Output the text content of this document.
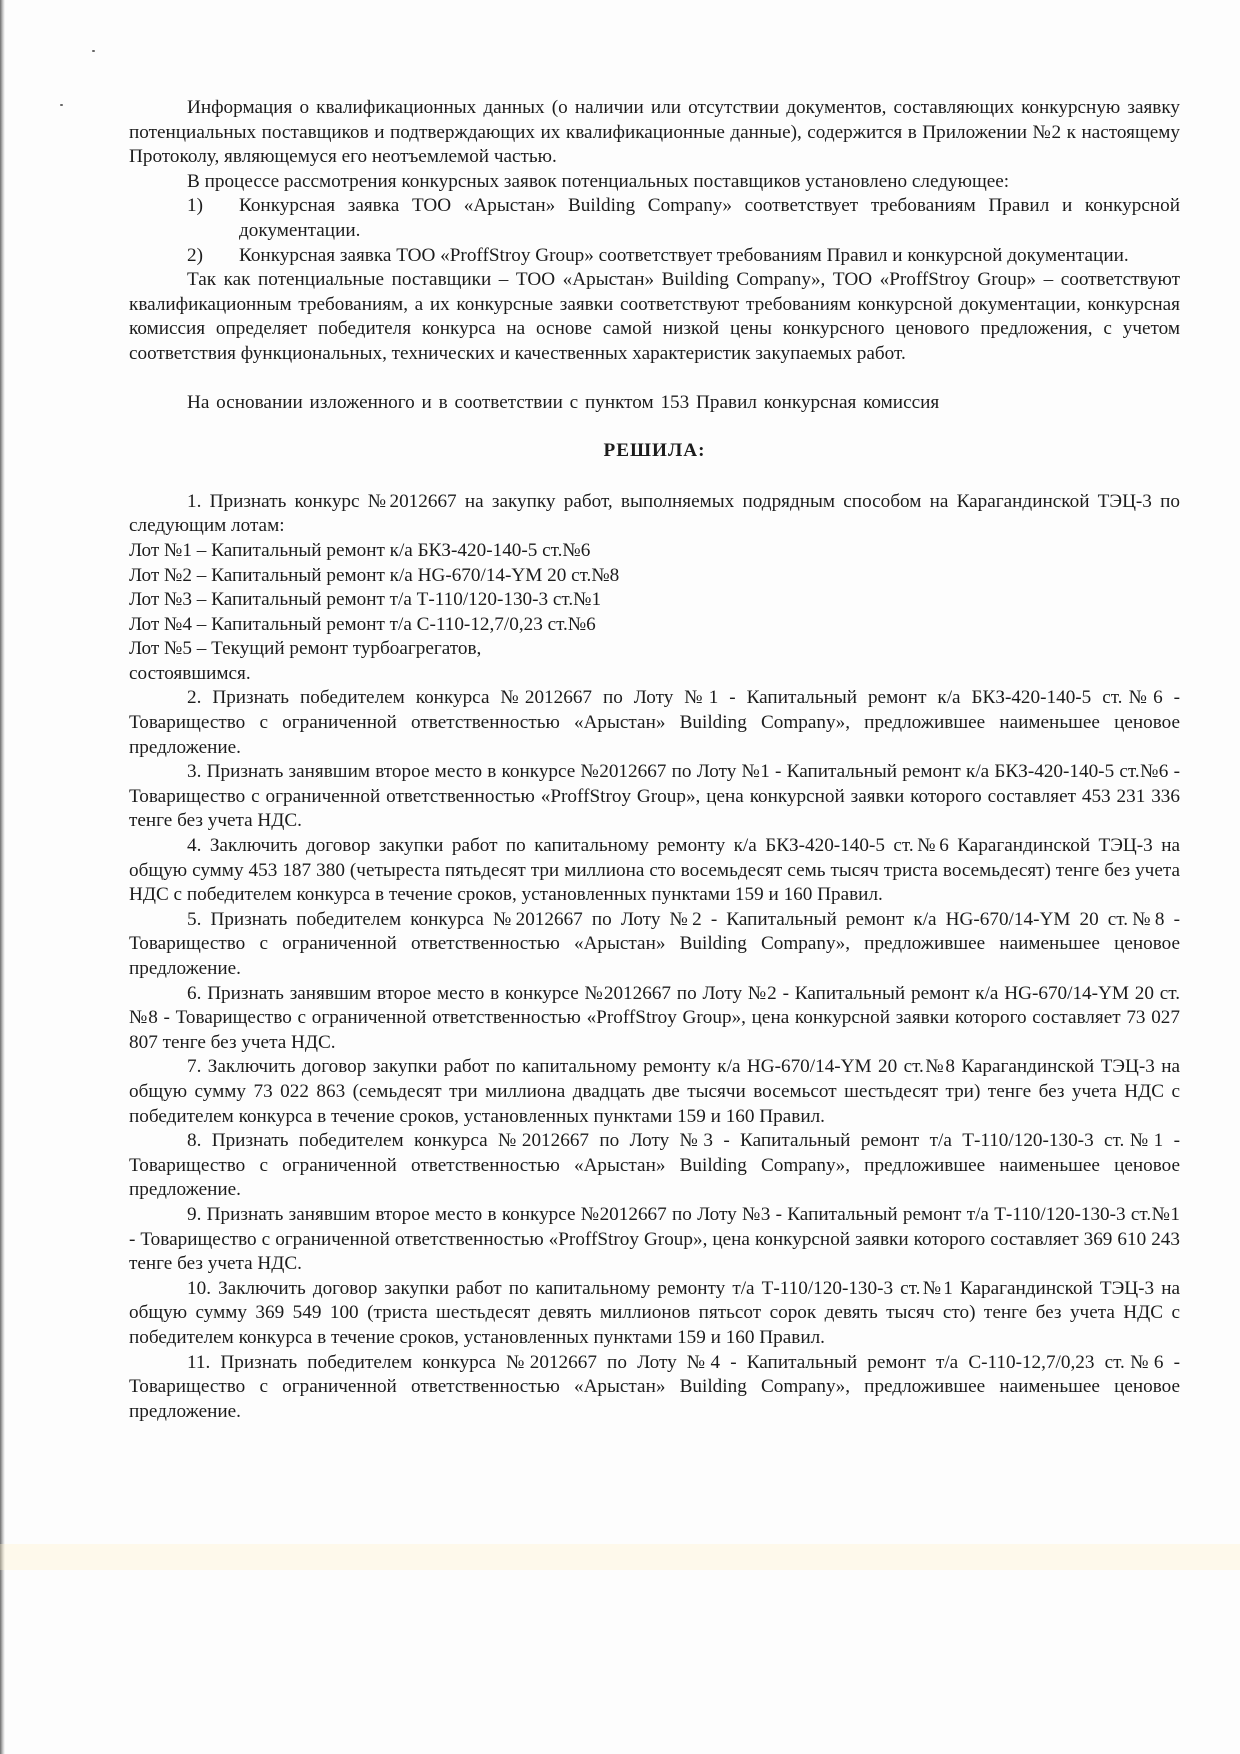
Информация о квалификационных данных (о наличии или отсутствии документов, составляющих конкурсную заявку потенциальных поставщиков и подтверждающих их квалификационные данные), содержится в Приложении №2 к настоящему Протоколу, являющемуся его неотъемлемой частью.

В процессе рассмотрения конкурсных заявок потенциальных поставщиков установлено следующее:

1)	Конкурсная заявка ТОО «Арыстан» Building Company» соответствует требованиям Правил и конкурсной документации.
2)	Конкурсная заявка ТОО «ProffStroy Group» соответствует требованиям Правил и конкурсной документации.

Так как потенциальные поставщики – ТОО «Арыстан» Building Company», ТОО «ProffStroy Group» – соответствуют квалификационным требованиям, а их конкурсные заявки соответствуют требованиям конкурсной документации, конкурсная комиссия определяет победителя конкурса на основе самой низкой цены конкурсного ценового предложения, с учетом соответствия функциональных, технических и качественных характеристик закупаемых работ.

На основании изложенного и в соответствии с пунктом 153 Правил конкурсная комиссия

РЕШИЛА:

1. Признать конкурс №2012667 на закупку работ, выполняемых подрядным способом на Карагандинской ТЭЦ-3 по следующим лотам:

Лот №1 – Капитальный ремонт к/а БКЗ-420-140-5 ст.№6

Лот №2 – Капитальный ремонт к/а HG-670/14-YM 20 ст.№8

Лот №3 – Капитальный ремонт т/а Т-110/120-130-3 ст.№1

Лот №4 – Капитальный ремонт т/а С-110-12,7/0,23 ст.№6

Лот №5 – Текущий ремонт турбоагрегатов,

состоявшимся.

2. Признать победителем конкурса №2012667 по Лоту №1 - Капитальный ремонт к/а БКЗ-420-140-5 ст.№6 - Товарищество с ограниченной ответственностью «Арыстан» Building Company», предложившее наименьшее ценовое предложение.

3. Признать занявшим второе место в конкурсе №2012667 по Лоту №1 - Капитальный ремонт к/а БКЗ-420-140-5 ст.№6 - Товарищество с ограниченной ответственностью «ProffStroy Group», цена конкурсной заявки которого составляет 453 231 336 тенге без учета НДС.

4. Заключить договор закупки работ по капитальному ремонту к/а БКЗ-420-140-5 ст.№6 Карагандинской ТЭЦ-3 на общую сумму 453 187 380 (четыреста пятьдесят три миллиона сто восемьдесят семь тысяч триста восемьдесят) тенге без учета НДС с победителем конкурса в течение сроков, установленных пунктами 159 и 160 Правил.

5. Признать победителем конкурса №2012667 по Лоту №2 - Капитальный ремонт к/а HG-670/14-YM 20 ст.№8 - Товарищество с ограниченной ответственностью «Арыстан» Building Company», предложившее наименьшее ценовое предложение.

6. Признать занявшим второе место в конкурсе №2012667 по Лоту №2 - Капитальный ремонт к/а HG-670/14-YM 20 ст.№8 - Товарищество с ограниченной ответственностью «ProffStroy Group», цена конкурсной заявки которого составляет 73 027 807 тенге без учета НДС.

7. Заключить договор закупки работ по капитальному ремонту к/а HG-670/14-YM 20 ст.№8 Карагандинской ТЭЦ-3 на общую сумму 73 022 863 (семьдесят три миллиона двадцать две тысячи восемьсот шестьдесят три) тенге без учета НДС с победителем конкурса в течение сроков, установленных пунктами 159 и 160 Правил.

8. Признать победителем конкурса №2012667 по Лоту №3 - Капитальный ремонт т/а Т-110/120-130-3 ст.№1 - Товарищество с ограниченной ответственностью «Арыстан» Building Company», предложившее наименьшее ценовое предложение.

9. Признать занявшим второе место в конкурсе №2012667 по Лоту №3 - Капитальный ремонт т/а Т-110/120-130-3 ст.№1 - Товарищество с ограниченной ответственностью «ProffStroy Group», цена конкурсной заявки которого составляет 369 610 243 тенге без учета НДС.

10. Заключить договор закупки работ по капитальному ремонту т/а Т-110/120-130-3 ст.№1 Карагандинской ТЭЦ-3 на общую сумму 369 549 100 (триста шестьдесят девять миллионов пятьсот сорок девять тысяч сто) тенге без учета НДС с победителем конкурса в течение сроков, установленных пунктами 159 и 160 Правил.

11. Признать победителем конкурса №2012667 по Лоту №4 - Капитальный ремонт т/а С-110-12,7/0,23 ст.№6 - Товарищество с ограниченной ответственностью «Арыстан» Building Company», предложившее наименьшее ценовое предложение.
